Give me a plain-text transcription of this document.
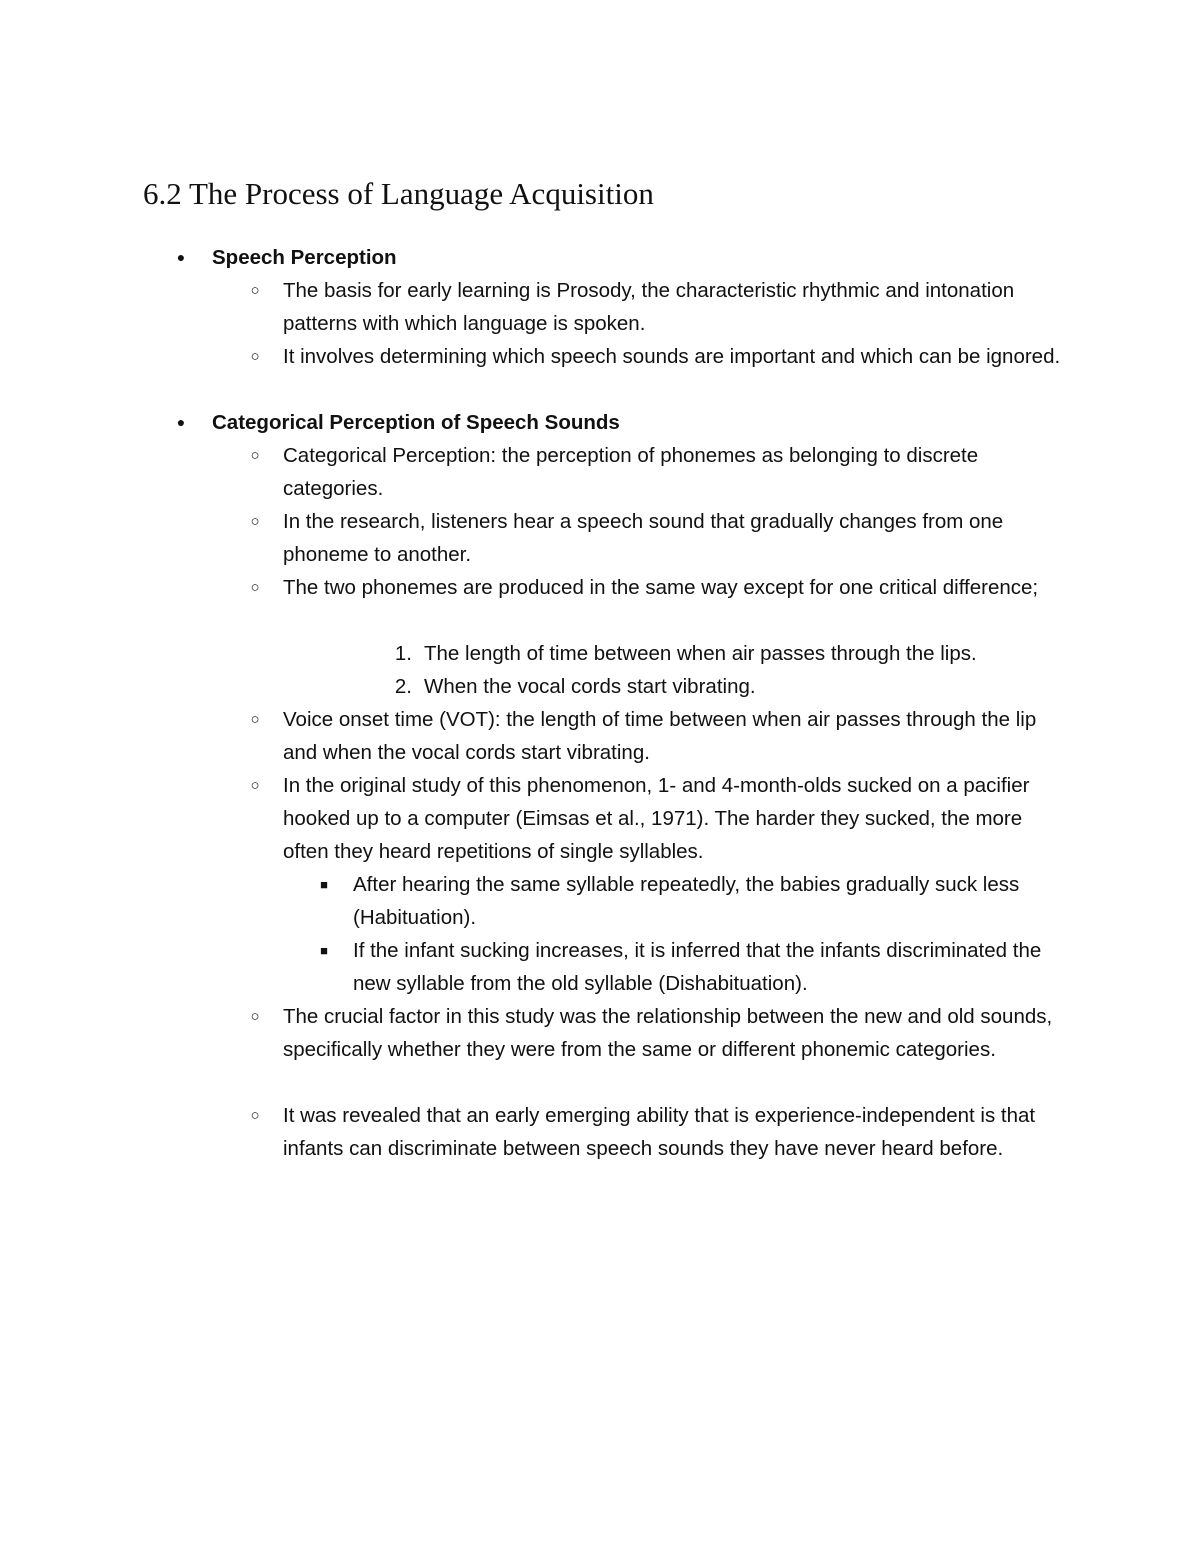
6.2 The Process of Language Acquisition
● Speech Perception
○ The basis for early learning is Prosody, the characteristic rhythmic and intonation patterns with which language is spoken.
○ It involves determining which speech sounds are important and which can be ignored.
● Categorical Perception of Speech Sounds
○ Categorical Perception: the perception of phonemes as belonging to discrete categories.
○ In the research, listeners hear a speech sound that gradually changes from one phoneme to another.
○ The two phonemes are produced in the same way except for one critical difference;
1. The length of time between when air passes through the lips.
2. When the vocal cords start vibrating.
○ Voice onset time (VOT): the length of time between when air passes through the lip and when the vocal cords start vibrating.
○ In the original study of this phenomenon, 1- and 4-month-olds sucked on a pacifier hooked up to a computer (Eimsas et al., 1971). The harder they sucked, the more often they heard repetitions of single syllables.
■ After hearing the same syllable repeatedly, the babies gradually suck less (Habituation).
■ If the infant sucking increases, it is inferred that the infants discriminated the new syllable from the old syllable (Dishabituation).
○ The crucial factor in this study was the relationship between the new and old sounds, specifically whether they were from the same or different phonemic categories.
○ It was revealed that an early emerging ability that is experience-independent is that infants can discriminate between speech sounds they have never heard before.
